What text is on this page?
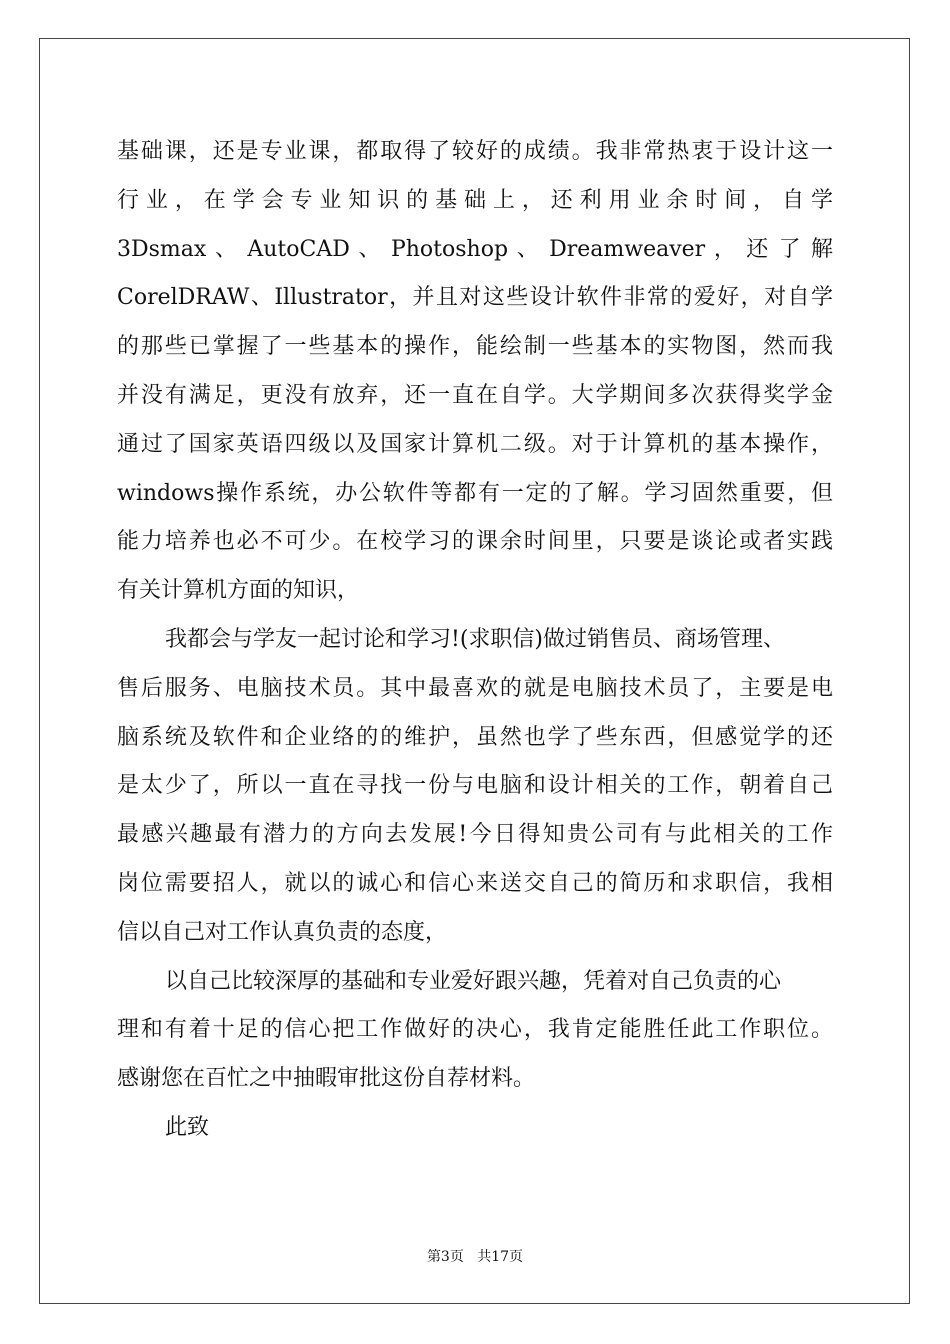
基础课，还是专业课，都取得了较好的成绩。我非常热衷于设计这一
行业，在学会专业知识的基础上，还利用业余时间，自学
3Dsmax 、 AutoCAD 、 Photoshop 、 Dreamweaver ， 还 了 解
CorelDRAW、Illustrator，并且对这些设计软件非常的爱好，对自学
的那些已掌握了一些基本的操作，能绘制一些基本的实物图，然而我
并没有满足，更没有放弃，还一直在自学。大学期间多次获得奖学金
通过了国家英语四级以及国家计算机二级。对于计算机的基本操作，
windows操作系统，办公软件等都有一定的了解。学习固然重要，但
能力培养也必不可少。在校学习的课余时间里，只要是谈论或者实践
有关计算机方面的知识，
我都会与学友一起讨论和学习!(求职信)做过销售员、商场管理、
售后服务、电脑技术员。其中最喜欢的就是电脑技术员了，主要是电
脑系统及软件和企业络的的维护，虽然也学了些东西，但感觉学的还
是太少了，所以一直在寻找一份与电脑和设计相关的工作，朝着自己
最感兴趣最有潜力的方向去发展!今日得知贵公司有与此相关的工作
岗位需要招人，就以的诚心和信心来送交自己的简历和求职信，我相
信以自己对工作认真负责的态度，
以自己比较深厚的基础和专业爱好跟兴趣，凭着对自己负责的心
理和有着十足的信心把工作做好的决心，我肯定能胜任此工作职位。
感谢您在百忙之中抽暇审批这份自荐材料。
此致
第3页 共17页
